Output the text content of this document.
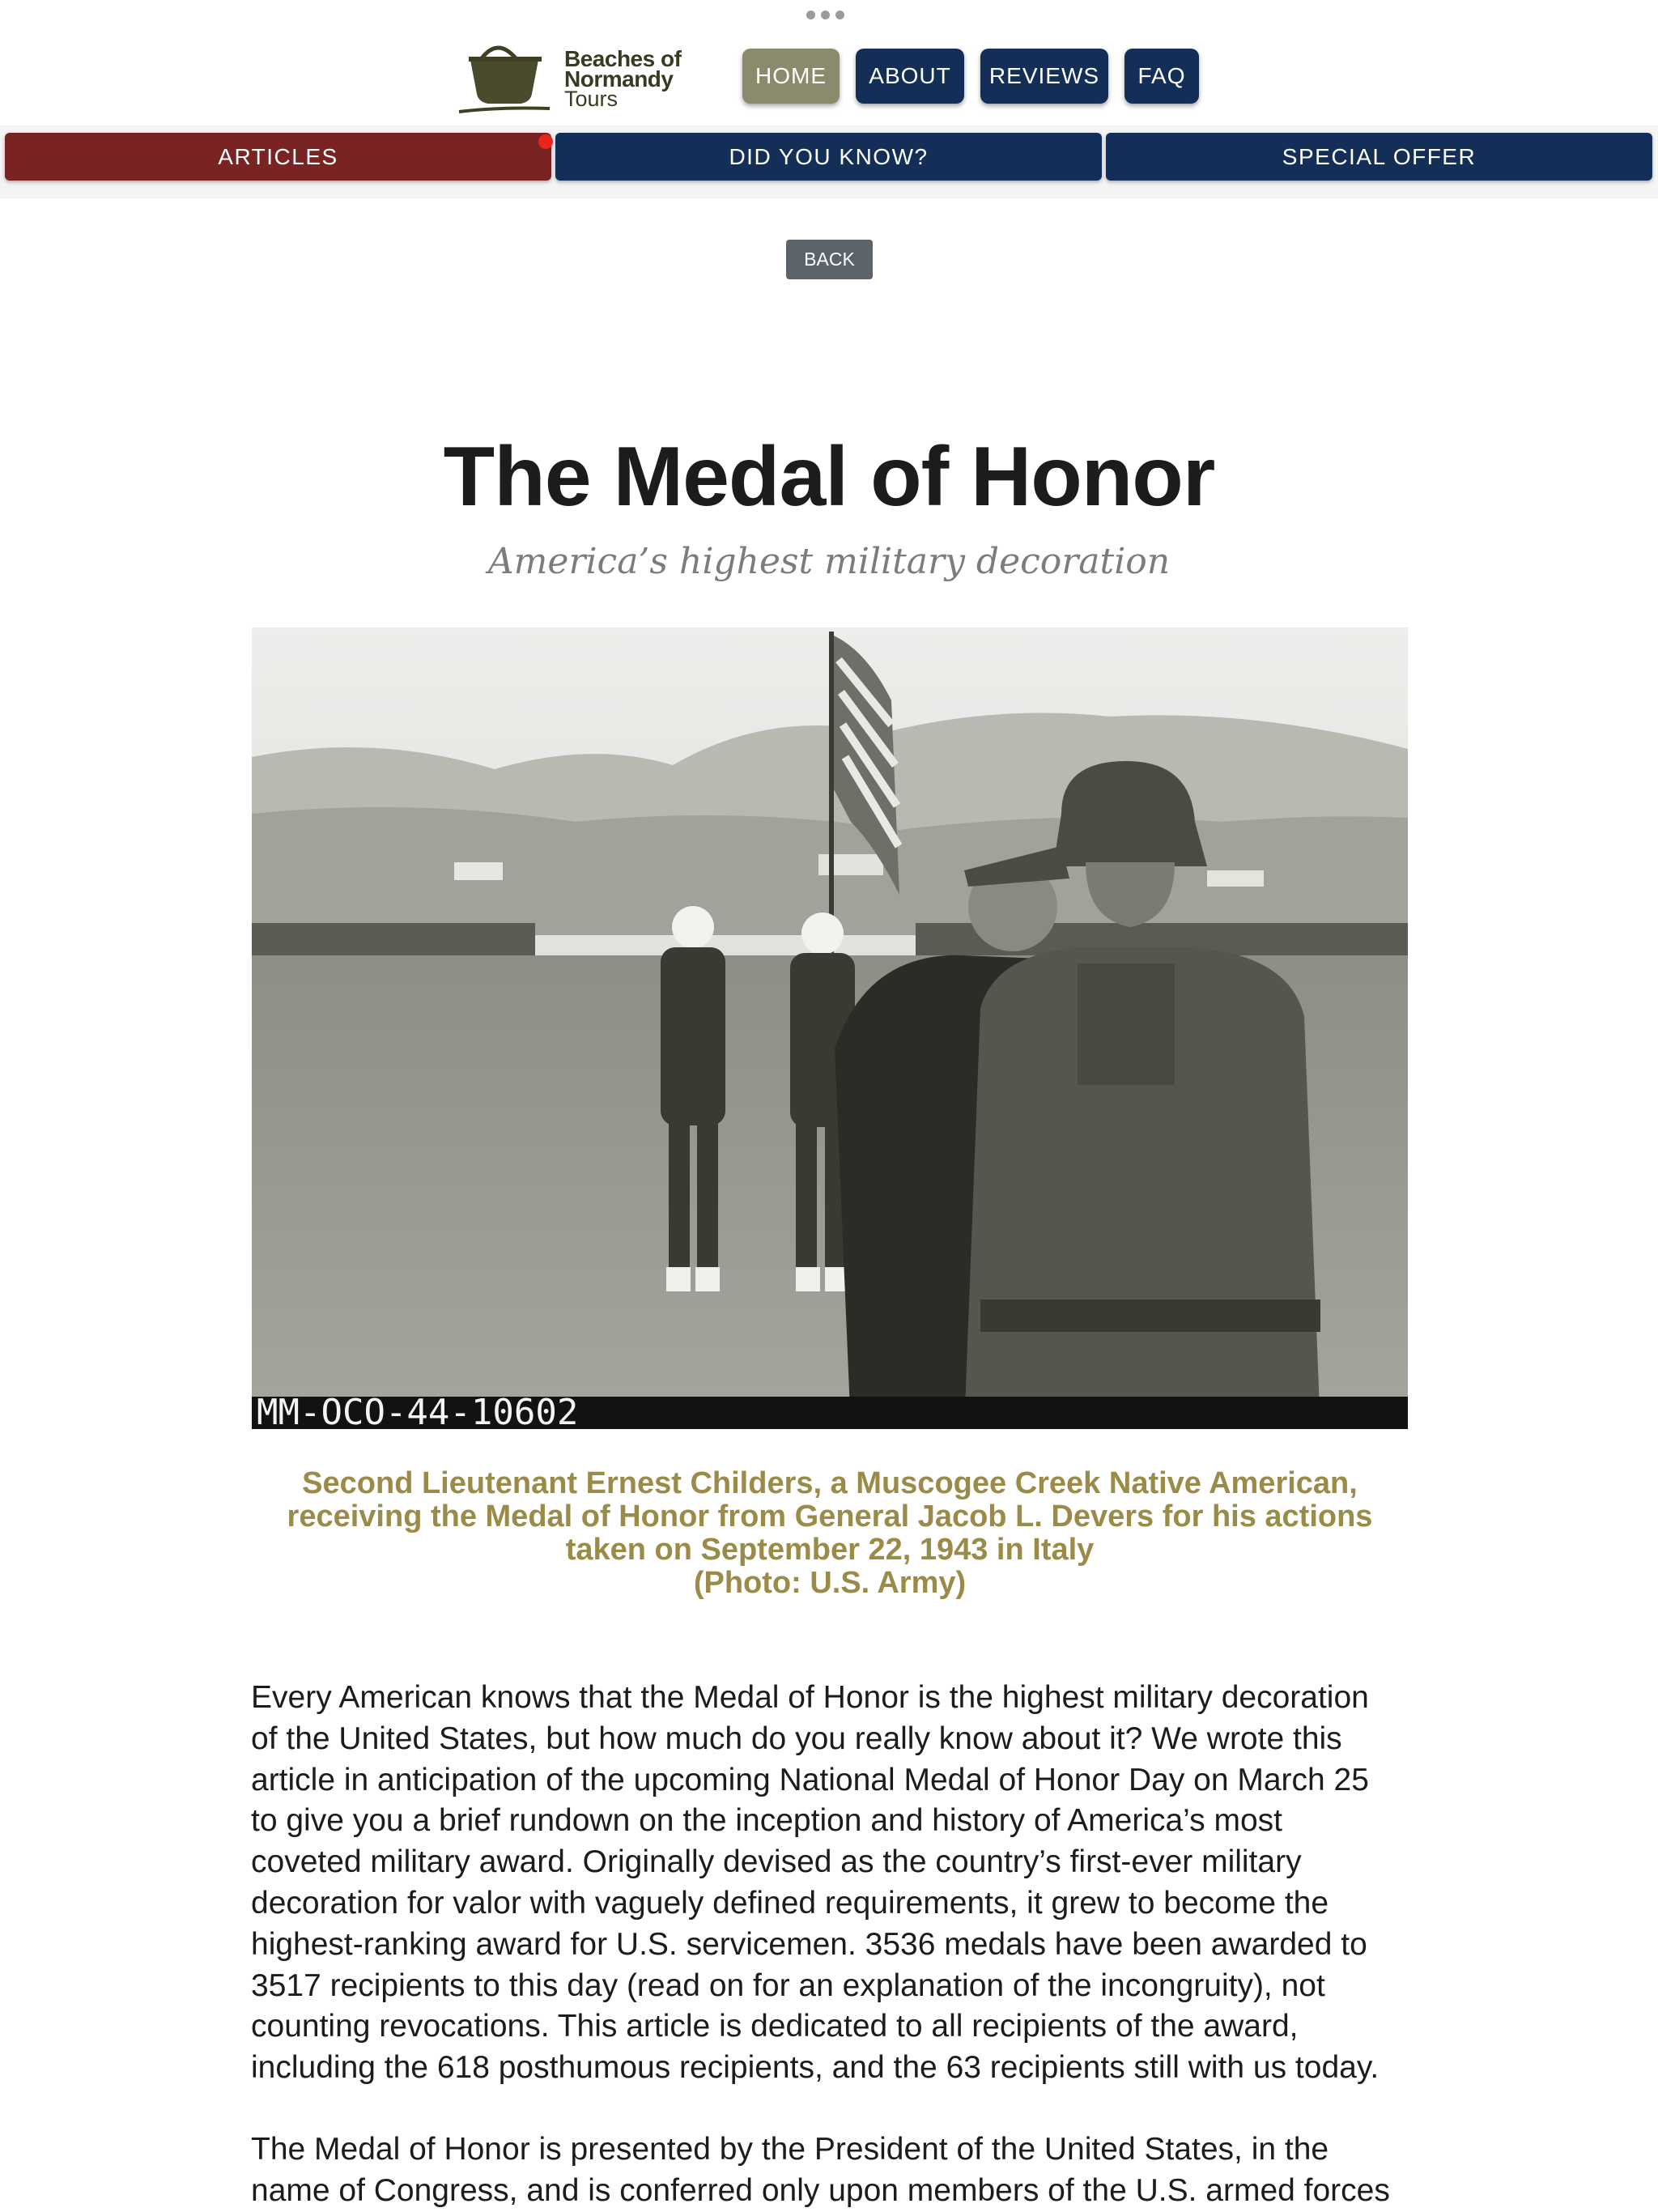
Beaches of
Normandy
Tours
HOME	ABOUT	REVIEWS	FAQ
ARTICLES	DID YOU KNOW?	SPECIAL OFFER
BACK
The Medal of Honor
America’s highest military decoration
MM-OCO-44-10602
Second Lieutenant Ernest Childers, a Muscogee Creek Native American,
receiving the Medal of Honor from General Jacob L. Devers for his actions
taken on September 22, 1943 in Italy
(Photo: U.S. Army)

Every American knows that the Medal of Honor is the highest military decoration
of the United States, but how much do you really know about it? We wrote this
article in anticipation of the upcoming National Medal of Honor Day on March 25
to give you a brief rundown on the inception and history of America’s most
coveted military award. Originally devised as the country’s first-ever military
decoration for valor with vaguely defined requirements, it grew to become the
highest-ranking award for U.S. servicemen. 3536 medals have been awarded to
3517 recipients to this day (read on for an explanation of the incongruity), not
counting revocations. This article is dedicated to all recipients of the award,
including the 618 posthumous recipients, and the 63 recipients still with us today.

The Medal of Honor is presented by the President of the United States, in the
name of Congress, and is conferred only upon members of the U.S. armed forces
